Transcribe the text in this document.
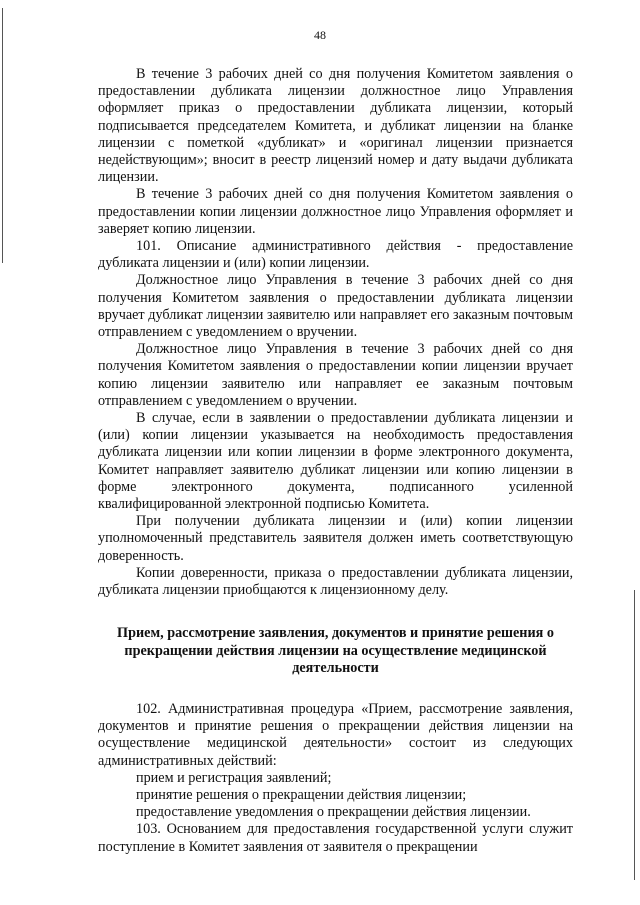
48

В течение 3 рабочих дней со дня получения Комитетом заявления о предоставлении дубликата лицензии должностное лицо Управления оформляет приказ о предоставлении дубликата лицензии, который подписывается председателем Комитета, и дубликат лицензии на бланке лицензии с пометкой «дубликат» и «оригинал лицензии признается недействующим»; вносит в реестр лицензий номер и дату выдачи дубликата лицензии.

В течение 3 рабочих дней со дня получения Комитетом заявления о предоставлении копии лицензии должностное лицо Управления оформляет и заверяет копию лицензии.

101. Описание административного действия - предоставление дубликата лицензии и (или) копии лицензии.

Должностное лицо Управления в течение 3 рабочих дней со дня получения Комитетом заявления о предоставлении дубликата лицензии вручает дубликат лицензии заявителю или направляет его заказным почтовым отправлением с уведомлением о вручении.

Должностное лицо Управления в течение 3 рабочих дней со дня получения Комитетом заявления о предоставлении копии лицензии вручает копию лицензии заявителю или направляет ее заказным почтовым отправлением с уведомлением о вручении.

В случае, если в заявлении о предоставлении дубликата лицензии и (или) копии лицензии указывается на необходимость предоставления дубликата лицензии или копии лицензии в форме электронного документа, Комитет направляет заявителю дубликат лицензии или копию лицензии в форме электронного документа, подписанного усиленной квалифицированной электронной подписью Комитета.

При получении дубликата лицензии и (или) копии лицензии уполномоченный представитель заявителя должен иметь соответствующую доверенность.

Копии доверенности, приказа о предоставлении дубликата лицензии, дубликата лицензии приобщаются к лицензионному делу.

Прием, рассмотрение заявления, документов и принятие решения о прекращении действия лицензии на осуществление медицинской деятельности

102. Административная процедура «Прием, рассмотрение заявления, документов и принятие решения о прекращении действия лицензии на осуществление медицинской деятельности» состоит из следующих административных действий:

прием и регистрация заявлений;

принятие решения о прекращении действия лицензии;

предоставление уведомления о прекращении действия лицензии.

103. Основанием для предоставления государственной услуги служит поступление в Комитет заявления от заявителя о прекращении
